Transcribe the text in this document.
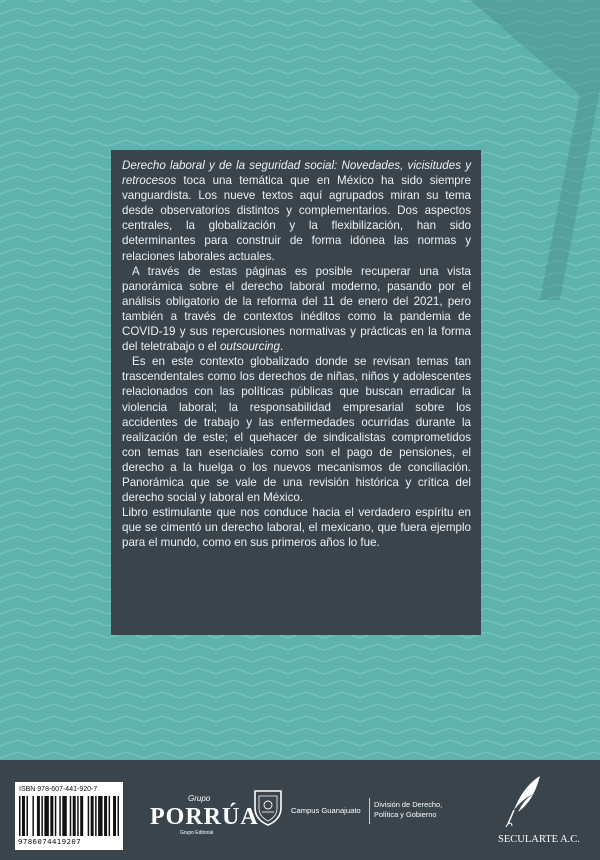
Derecho laboral y de la seguridad social: Novedades, vicisitudes y retrocesos toca una temática que en México ha sido siempre vanguardista. Los nueve textos aquí agrupados miran su tema desde observatorios distintos y complementarios. Dos aspectos centrales, la globalización y la flexibilización, han sido determinantes para construir de forma idónea las normas y relaciones laborales actuales.

A través de estas páginas es posible recuperar una vista panorámica sobre el derecho laboral moderno, pasando por el análisis obligatorio de la reforma del 11 de enero del 2021, pero también a través de contextos inéditos como la pandemia de COVID-19 y sus repercusiones normativas y prácticas en la forma del teletrabajo o el outsourcing.

Es en este contexto globalizado donde se revisan temas tan trascendentales como los derechos de niñas, niños y adolescentes relacionados con las políticas públicas que buscan erradicar la violencia laboral; la responsabilidad empresarial sobre los accidentes de trabajo y las enfermedades ocurridas durante la realización de este; el quehacer de sindicalistas comprometidos con temas tan esenciales como son el pago de pensiones, el derecho a la huelga o los nuevos mecanismos de conciliación. Panorámica que se vale de una revisión histórica y crítica del derecho social y laboral en México.

Libro estimulante que nos conduce hacia el verdadero espíritu en que se cimentó un derecho laboral, el mexicano, que fuera ejemplo para el mundo, como en sus primeros años lo fue.

ISBN 978-607-441-920-7
9786074419207
Grupo
PORRÚA
Grupo Editorial
Campus Guanajuato
División de Derecho,
Política y Gobierno
SECULARTE A.C.
